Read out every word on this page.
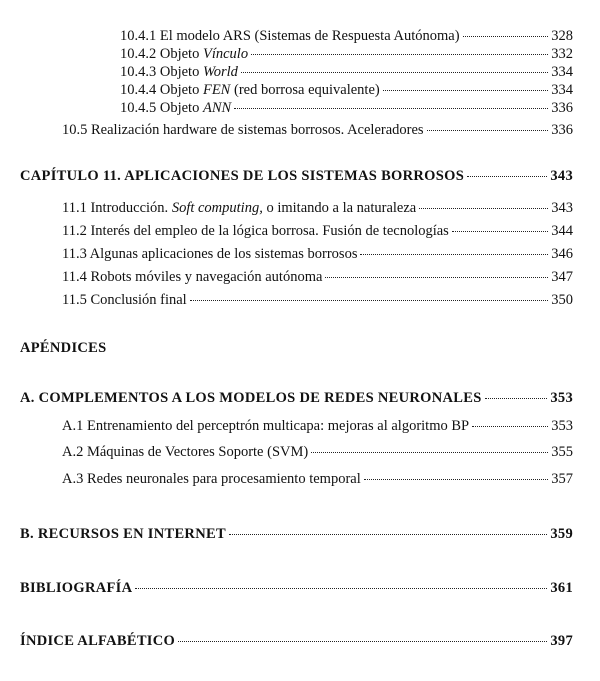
10.4.1 El modelo ARS (Sistemas de Respuesta Autónoma)	328
10.4.2 Objeto Vínculo	332
10.4.3 Objeto World	334
10.4.4 Objeto FEN (red borrosa equivalente)	334
10.4.5 Objeto ANN	336
10.5 Realización hardware de sistemas borrosos. Aceleradores	336
CAPÍTULO 11. APLICACIONES DE LOS SISTEMAS BORROSOS	343
11.1 Introducción. Soft computing, o imitando a la naturaleza	343
11.2 Interés del empleo de la lógica borrosa. Fusión de tecnologías	344
11.3 Algunas aplicaciones de los sistemas borrosos	346
11.4 Robots móviles y navegación autónoma	347
11.5 Conclusión final	350
APÉNDICES
A. COMPLEMENTOS A LOS MODELOS DE REDES NEURONALES	353
A.1 Entrenamiento del perceptrón multicapa: mejoras al algoritmo BP	353
A.2 Máquinas de Vectores Soporte (SVM)	355
A.3 Redes neuronales para procesamiento temporal	357
B. RECURSOS EN INTERNET	359
BIBLIOGRAFÍA	361
ÍNDICE ALFABÉTICO	397
